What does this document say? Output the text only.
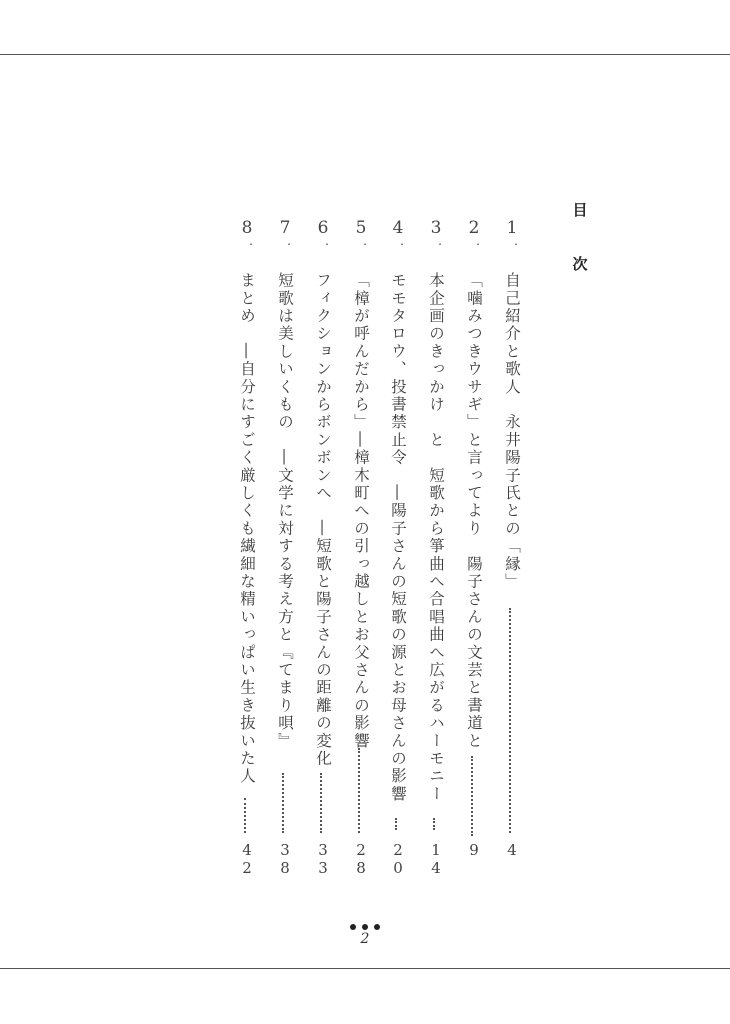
目
次
1
.
自己紹介と歌人　永井陽子氏との「縁」
4
2
.
「噛みつきウサギ」と言ってより　陽子さんの文芸と書道と
9
3
.
本企画のきっかけ　と　短歌から箏曲へ合唱曲へ広がるハーモニー
1
4
4
.
モモタロウ、投書禁止令　―陽子さんの短歌の源とお母さんの影響
2
0
5
.
「樟が呼んだから」―樟木町への引っ越しとお父さんの影響
2
8
6
.
フィクションからボンボンへ　―短歌と陽子さんの距離の変化
3
3
7
.
短歌は美しいくもの　―文学に対する考え方と『てまり唄』
3
8
8
.
まとめ　―自分にすごく厳しくも繊細な精いっぱい生き抜いた人
4
2
2
